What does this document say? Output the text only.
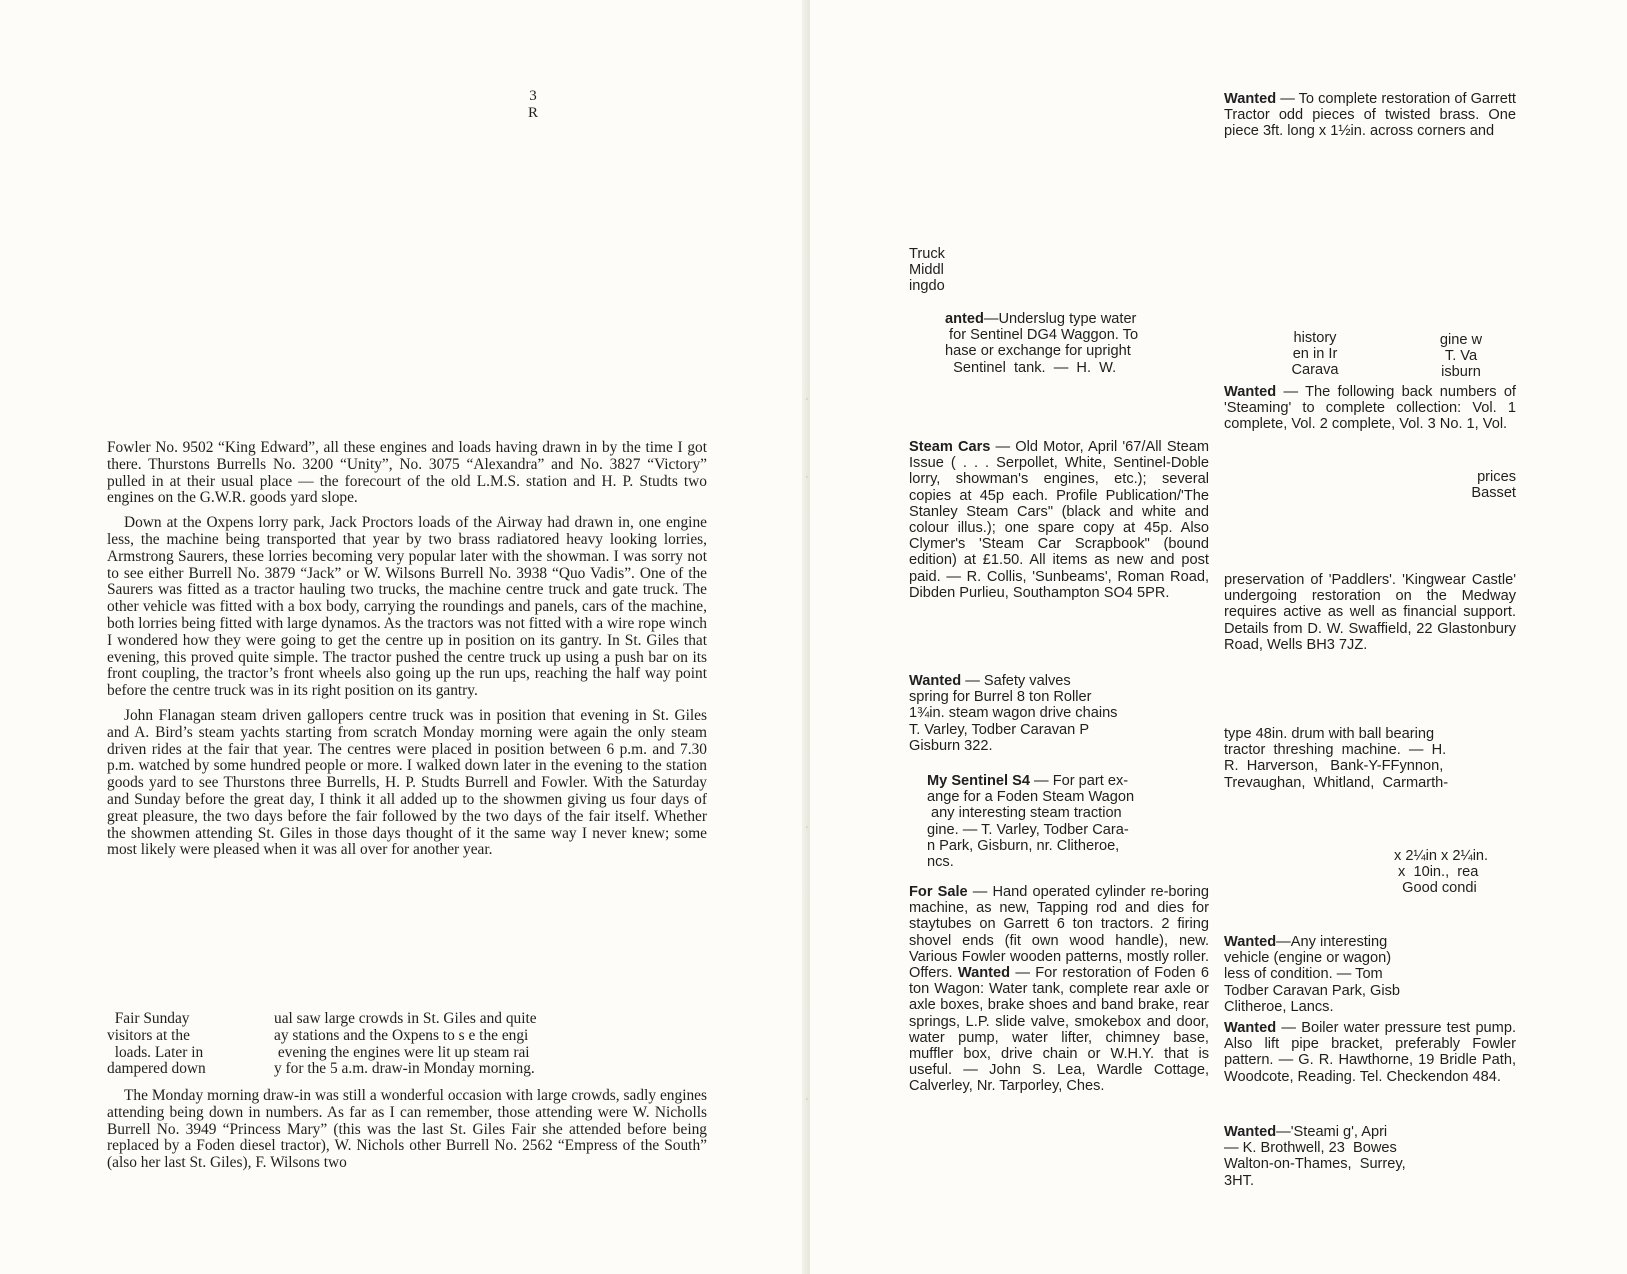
3
R

Fowler No. 9502 “King Edward”, all these engines and loads having drawn in by the time I got there. Thurstons Burrells No. 3200 “Unity”, No. 3075 “Alexandra” and No. 3827 “Victory” pulled in at their usual place — the forecourt of the old L.M.S. station and H. P. Studts two engines on the G.W.R. goods yard slope.

Down at the Oxpens lorry park, Jack Proctors loads of the Airway had drawn in, one engine less, the machine being transported that year by two brass radiatored heavy looking lorries, Armstrong Saurers, these lorries becoming very popular later with the showman. I was sorry not to see either Burrell No. 3879 “Jack” or W. Wilsons Burrell No. 3938 “Quo Vadis”. One of the Saurers was fitted as a tractor hauling two trucks, the machine centre truck and gate truck. The other vehicle was fitted with a box body, carrying the roundings and panels, cars of the machine, both lorries being fitted with large dynamos. As the tractors was not fitted with a wire rope winch I wondered how they were going to get the centre up in position on its gantry. In St. Giles that evening, this proved quite simple. The tractor pushed the centre truck up using a push bar on its front coupling, the tractor’s front wheels also going up the run ups, reaching the half way point before the centre truck was in its right position on its gantry.

John Flanagan steam driven gallopers centre truck was in position that evening in St. Giles and A. Bird’s steam yachts starting from scratch Monday morning were again the only steam driven rides at the fair that year. The centres were placed in position between 6 p.m. and 7.30 p.m. watched by some hundred people or more. I walked down later in the evening to the station goods yard to see Thurstons three Burrells, H. P. Studts Burrell and Fowler. With the Saturday and Sunday before the great day, I think it all added up to the showmen giving us four days of great pleasure, the two days before the fair followed by the two days of the fair itself. Whether the showmen attending St. Giles in those days thought of it the same way I never knew; some most likely were pleased when it was all over for another year.

Fair Sunday
visitors at the
loads. Later in
dampered down
ual saw large crowds in St. Giles and quite
ay stations and the Oxpens to s e the engi
evening the engines were lit up steam rai
y for the 5 a.m. draw-in Monday morning.

The Monday morning draw-in was still a wonderful occasion with large crowds, sadly engines attending being down in numbers. As far as I can remember, those attending were W. Nicholls Burrell No. 3949 “Princess Mary” (this was the last St. Giles Fair she attended before being replaced by a Foden diesel tractor), W. Nichols other Burrell No. 2562 “Empress of the South” (also her last St. Giles), F. Wilsons two

Truck
Middl
ingdo
anted—Underslug type water
for Sentinel DG4 Waggon. To
hase or exchange for upright
Sentinel  tank.  —  H.  W.
Steam Cars — Old Motor, April '67/All Steam Issue ( . . . Serpollet, White, Sentinel-Doble lorry, showman's engines, etc.); several copies at 45p each. Profile Publication/'The Stanley Steam Cars" (black and white and colour illus.); one spare copy at 45p. Also Clymer's 'Steam Car Scrapbook" (bound edition) at £1.50. All items as new and post paid. — R. Collis, 'Sunbeams', Roman Road, Dibden Purlieu, Southampton SO4 5PR.
Wanted — Safety valves
spring for Burrel 8 ton Roller
1¾in. steam wagon drive chains
T. Varley, Todber Caravan P
Gisburn 322.
My Sentinel S4 — For part ex-
ange for a Foden Steam Wagon
any interesting steam traction
gine. — T. Varley, Todber Cara-
n Park, Gisburn, nr. Clitheroe,
ncs.
For Sale — Hand operated cylinder re-boring machine, as new, Tapping rod and dies for staytubes on Garrett 6 ton tractors. 2 firing shovel ends (fit own wood handle), new. Various Fowler wooden patterns, mostly roller. Offers. Wanted — For restoration of Foden 6 ton Wagon: Water tank, complete rear axle or axle boxes, brake shoes and band brake, rear springs, L.P. slide valve, smokebox and door, water pump, water lifter, chimney base, muffler box, drive chain or W.H.Y. that is useful. — John S. Lea, Wardle Cottage, Calverley, Nr. Tarporley, Ches.
Wanted — To complete restoration of Garrett Tractor odd pieces of twisted brass. One piece 3ft. long x 1½in. across corners and
history
en in Ir
Carava
gine w
T. Va
isburn
Wanted — The following back numbers of 'Steaming' to complete collection: Vol. 1 complete, Vol. 2 complete, Vol. 3 No. 1, Vol.
prices
Basset
preservation of 'Paddlers'. 'Kingwear Castle' undergoing restoration on the Medway requires active as well as financial support. Details from D. W. Swaffield, 22 Glastonbury Road, Wells BH3 7JZ.
type 48in. drum with ball bearing
tractor  threshing  machine.  —  H.
R.  Harverson,   Bank-Y-FFynnon,
Trevaughan,  Whitland,  Carmarth-
x 2¼in x 2¼in.
x  10in.,  rea
Good condi
Wanted—Any interesting
vehicle (engine or wagon)
less of condition. — Tom
Todber Caravan Park, Gisb
Clitheroe, Lancs.
Wanted — Boiler water pressure test pump. Also lift pipe bracket, preferably Fowler pattern. — G. R. Hawthorne, 19 Bridle Path, Woodcote, Reading. Tel. Checkendon 484.
Wanted—'Steami g', Apri
— K. Brothwell, 23  Bowes
Walton-on-Thames,  Surrey,
3HT.
